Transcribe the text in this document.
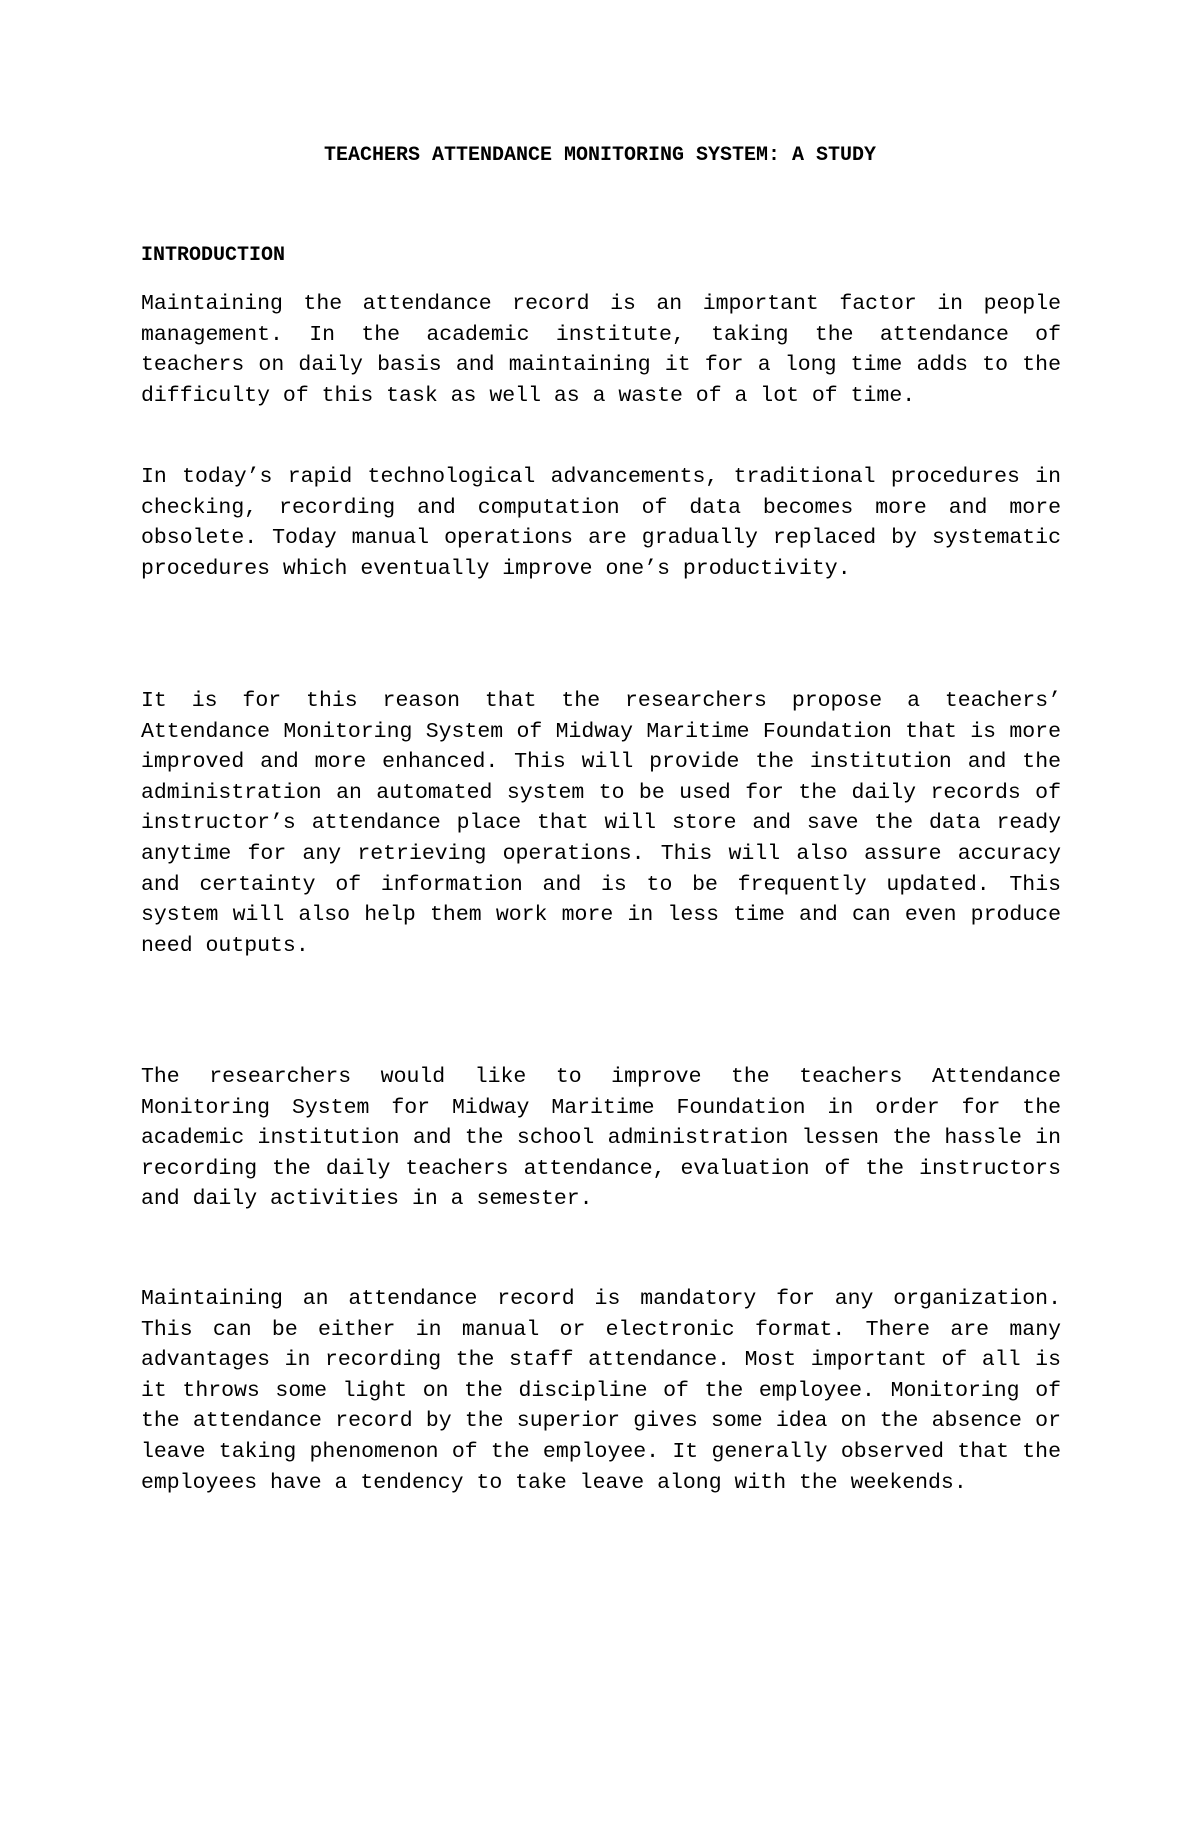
TEACHERS ATTENDANCE MONITORING SYSTEM: A STUDY
INTRODUCTION

Maintaining the attendance record is an important factor in people management. In the academic institute, taking the attendance of teachers on daily basis and maintaining it for a long time adds to the difficulty of this task as well as a waste of a lot of time.

In today’s rapid technological advancements, traditional procedures in checking, recording and computation of data becomes more and more obsolete. Today manual operations are gradually replaced by systematic procedures which eventually improve one’s productivity.

It is for this reason that the researchers propose a teachers’ Attendance Monitoring System of Midway Maritime Foundation that is more improved and more enhanced. This will provide the institution and the administration an automated system to be used for the daily records of instructor’s attendance place that will store and save the data ready anytime for any retrieving operations. This will also assure accuracy and certainty of information and is to be frequently updated. This system will also help them work more in less time and can even produce need outputs.

The researchers would like to improve the teachers Attendance Monitoring System for Midway Maritime Foundation in order for the academic institution and the school administration lessen the hassle in recording the daily teachers attendance, evaluation of the instructors and daily activities in a semester.

Maintaining an attendance record is mandatory for any organization. This can be either in manual or electronic format. There are many advantages in recording the staff attendance. Most important of all is it throws some light on the discipline of the employee. Monitoring of the attendance record by the superior gives some idea on the absence or leave taking phenomenon of the employee. It generally observed that the employees have a tendency to take leave along with the weekends.
